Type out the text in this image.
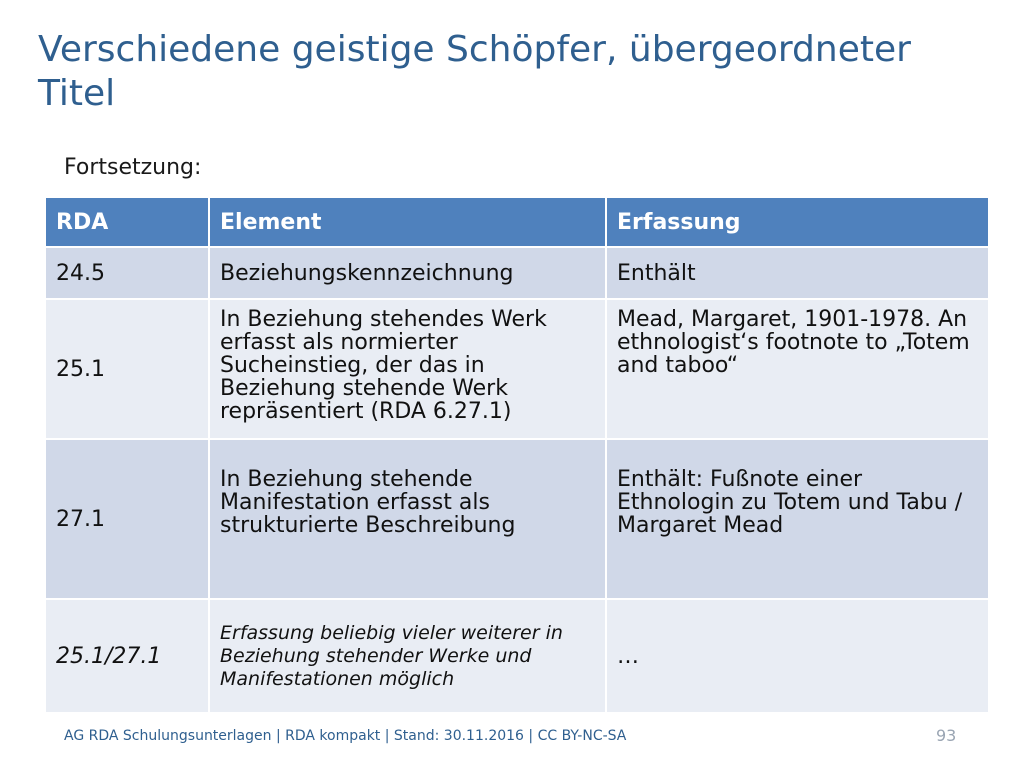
Verschiedene geistige Schöpfer, übergeordneter Titel
Fortsetzung:
RDA	Element	Erfassung
24.5	Beziehungskennzeichnung	Enthält
25.1	In Beziehung stehendes Werk erfasst als normierter Sucheinstieg, der das in Beziehung stehende Werk repräsentiert (RDA 6.27.1)	Mead, Margaret, 1901-1978. An ethnologist‘s footnote to „Totem and taboo“
27.1	In Beziehung stehende Manifestation erfasst als strukturierte Beschreibung	Enthält: Fußnote einer Ethnologin zu Totem und Tabu / Margaret Mead
25.1/27.1	Erfassung beliebig vieler weiterer in Beziehung stehender Werke und Manifestationen möglich	…
AG RDA Schulungsunterlagen | RDA kompakt | Stand: 30.11.2016 | CC BY-NC-SA	93
